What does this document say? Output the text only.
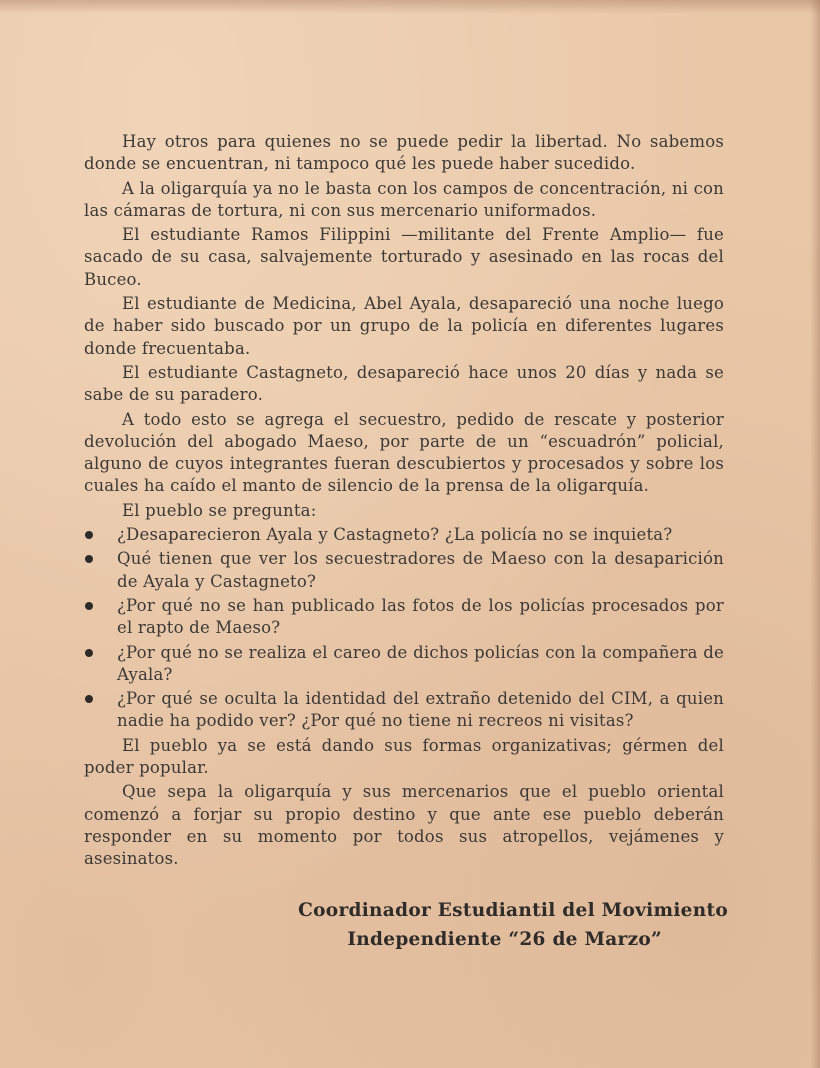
Hay otros para quienes no se puede pedir la libertad. No sabemos donde se encuentran, ni tampoco qué les puede haber sucedido.

A la oligarquía ya no le basta con los campos de concentración, ni con las cámaras de tortura, ni con sus mercenario uniformados.

El estudiante Ramos Filippini —militante del Frente Amplio— fue sacado de su casa, salvajemente torturado y asesinado en las rocas del Buceo.

El estudiante de Medicina, Abel Ayala, desapareció una noche luego de haber sido buscado por un grupo de la policía en diferentes lugares donde frecuentaba.

El estudiante Castagneto, desapareció hace unos 20 días y nada se sabe de su paradero.

A todo esto se agrega el secuestro, pedido de rescate y posterior devolución del abogado Maeso, por parte de un “escuadrón” policial, alguno de cuyos integrantes fueran descubiertos y procesados y sobre los cuales ha caído el manto de silencio de la prensa de la oligarquía.

El pueblo se pregunta:

¿Desaparecieron Ayala y Castagneto? ¿La policía no se inquieta?
Qué tienen que ver los secuestradores de Maeso con la desaparición de Ayala y Castagneto?
¿Por qué no se han publicado las fotos de los policías procesados por el rapto de Maeso?
¿Por qué no se realiza el careo de dichos policías con la compañera de Ayala?
¿Por qué se oculta la identidad del extraño detenido del CIM, a quien nadie ha podido ver? ¿Por qué no tiene ni recreos ni visitas?

El pueblo ya se está dando sus formas organizativas; gérmen del poder popular.

Que sepa la oligarquía y sus mercenarios que el pueblo oriental comenzó a forjar su propio destino y que ante ese pueblo deberán responder en su momento por todos sus atropellos, vejámenes y asesinatos.

Coordinador Estudiantil del Movimiento
Independiente “26 de Marzo”
